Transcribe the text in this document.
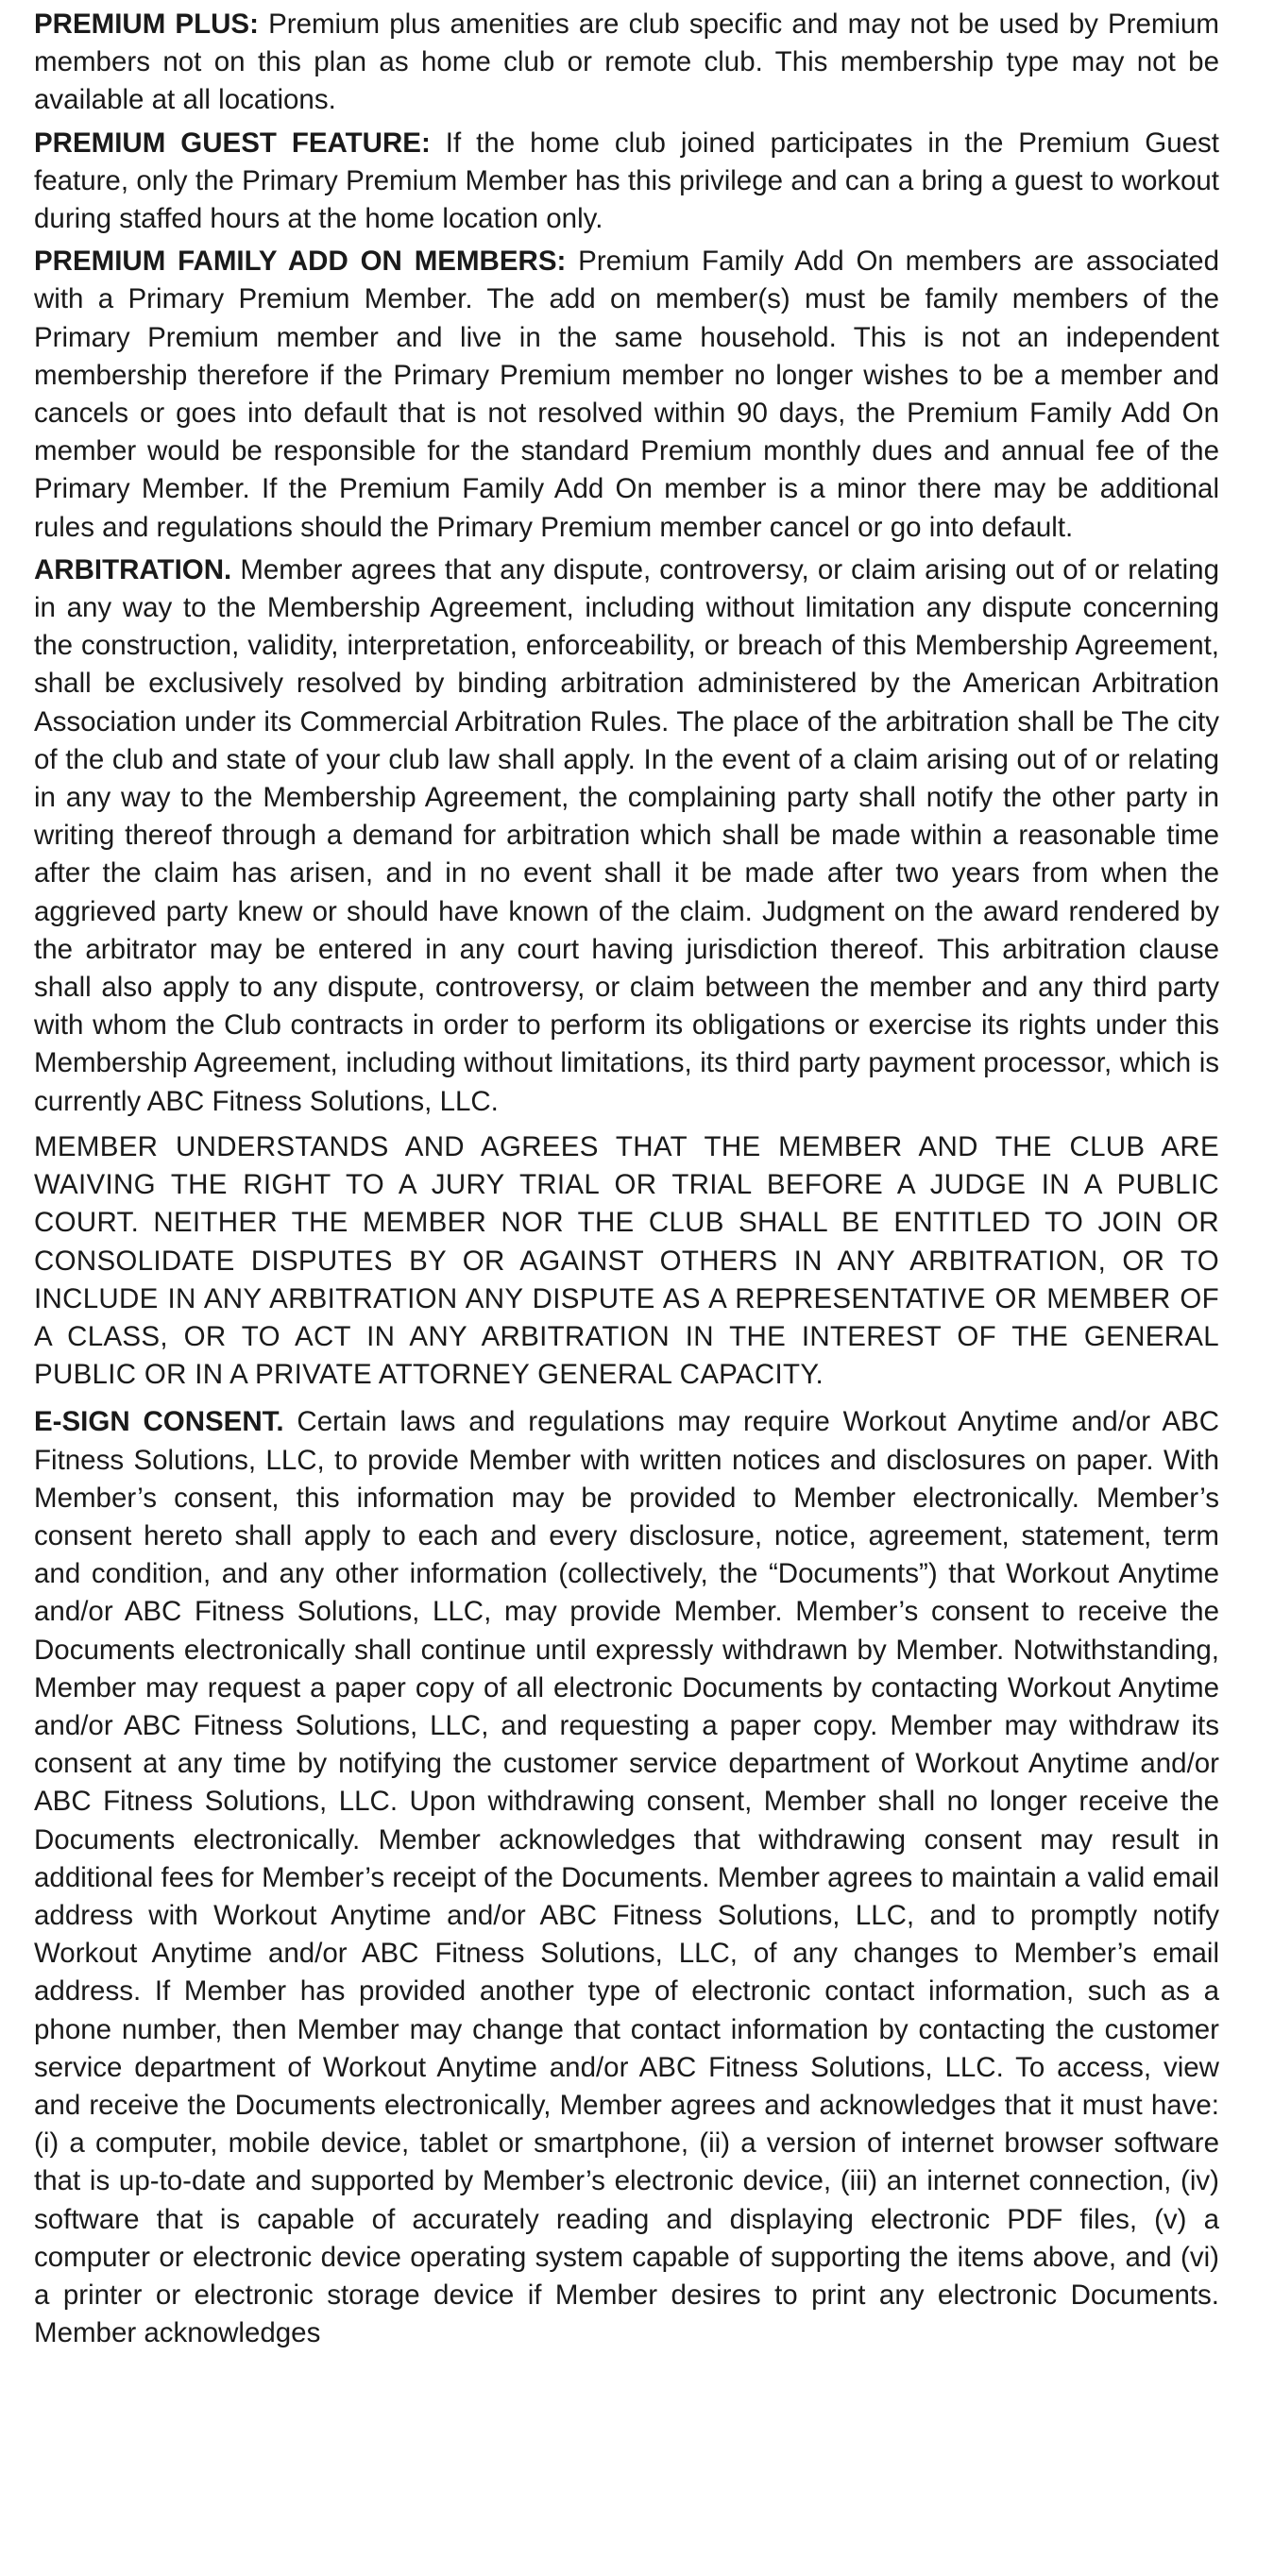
PREMIUM PLUS: Premium plus amenities are club specific and may not be used by Premium members not on this plan as home club or remote club. This membership type may not be available at all locations.

PREMIUM GUEST FEATURE: If the home club joined participates in the Premium Guest feature, only the Primary Premium Member has this privilege and can a bring a guest to workout during staffed hours at the home location only.

PREMIUM FAMILY ADD ON MEMBERS: Premium Family Add On members are associated with a Primary Premium Member. The add on member(s) must be family members of the Primary Premium member and live in the same household. This is not an independent membership therefore if the Primary Premium member no longer wishes to be a member and cancels or goes into default that is not resolved within 90 days, the Premium Family Add On member would be responsible for the standard Premium monthly dues and annual fee of the Primary Member. If the Premium Family Add On member is a minor there may be additional rules and regulations should the Primary Premium member cancel or go into default.

ARBITRATION. Member agrees that any dispute, controversy, or claim arising out of or relating in any way to the Membership Agreement, including without limitation any dispute concerning the construction, validity, interpretation, enforceability, or breach of this Membership Agreement, shall be exclusively resolved by binding arbitration administered by the American Arbitration Association under its Commercial Arbitration Rules. The place of the arbitration shall be The city of the club and state of your club law shall apply. In the event of a claim arising out of or relating in any way to the Membership Agreement, the complaining party shall notify the other party in writing thereof through a demand for arbitration which shall be made within a reasonable time after the claim has arisen, and in no event shall it be made after two years from when the aggrieved party knew or should have known of the claim. Judgment on the award rendered by the arbitrator may be entered in any court having jurisdiction thereof. This arbitration clause shall also apply to any dispute, controversy, or claim between the member and any third party with whom the Club contracts in order to perform its obligations or exercise its rights under this Membership Agreement, including without limitations, its third party payment processor, which is currently ABC Fitness Solutions, LLC.

MEMBER UNDERSTANDS AND AGREES THAT THE MEMBER AND THE CLUB ARE WAIVING THE RIGHT TO A JURY TRIAL OR TRIAL BEFORE A JUDGE IN A PUBLIC COURT. NEITHER THE MEMBER NOR THE CLUB SHALL BE ENTITLED TO JOIN OR CONSOLIDATE DISPUTES BY OR AGAINST OTHERS IN ANY ARBITRATION, OR TO INCLUDE IN ANY ARBITRATION ANY DISPUTE AS A REPRESENTATIVE OR MEMBER OF A CLASS, OR TO ACT IN ANY ARBITRATION IN THE INTEREST OF THE GENERAL PUBLIC OR IN A PRIVATE ATTORNEY GENERAL CAPACITY.

E-SIGN CONSENT. Certain laws and regulations may require Workout Anytime and/or ABC Fitness Solutions, LLC, to provide Member with written notices and disclosures on paper. With Member’s consent, this information may be provided to Member electronically. Member’s consent hereto shall apply to each and every disclosure, notice, agreement, statement, term and condition, and any other information (collectively, the “Documents”) that Workout Anytime and/or ABC Fitness Solutions, LLC, may provide Member. Member’s consent to receive the Documents electronically shall continue until expressly withdrawn by Member. Notwithstanding, Member may request a paper copy of all electronic Documents by contacting Workout Anytime and/or ABC Fitness Solutions, LLC, and requesting a paper copy. Member may withdraw its consent at any time by notifying the customer service department of Workout Anytime and/or ABC Fitness Solutions, LLC. Upon withdrawing consent, Member shall no longer receive the Documents electronically. Member acknowledges that withdrawing consent may result in additional fees for Member’s receipt of the Documents. Member agrees to maintain a valid email address with Workout Anytime and/or ABC Fitness Solutions, LLC, and to promptly notify Workout Anytime and/or ABC Fitness Solutions, LLC, of any changes to Member’s email address. If Member has provided another type of electronic contact information, such as a phone number, then Member may change that contact information by contacting the customer service department of Workout Anytime and/or ABC Fitness Solutions, LLC. To access, view and receive the Documents electronically, Member agrees and acknowledges that it must have: (i) a computer, mobile device, tablet or smartphone, (ii) a version of internet browser software that is up-to-date and supported by Member’s electronic device, (iii) an internet connection, (iv) software that is capable of accurately reading and displaying electronic PDF files, (v) a computer or electronic device operating system capable of supporting the items above, and (vi) a printer or electronic storage device if Member desires to print any electronic Documents. Member acknowledges
